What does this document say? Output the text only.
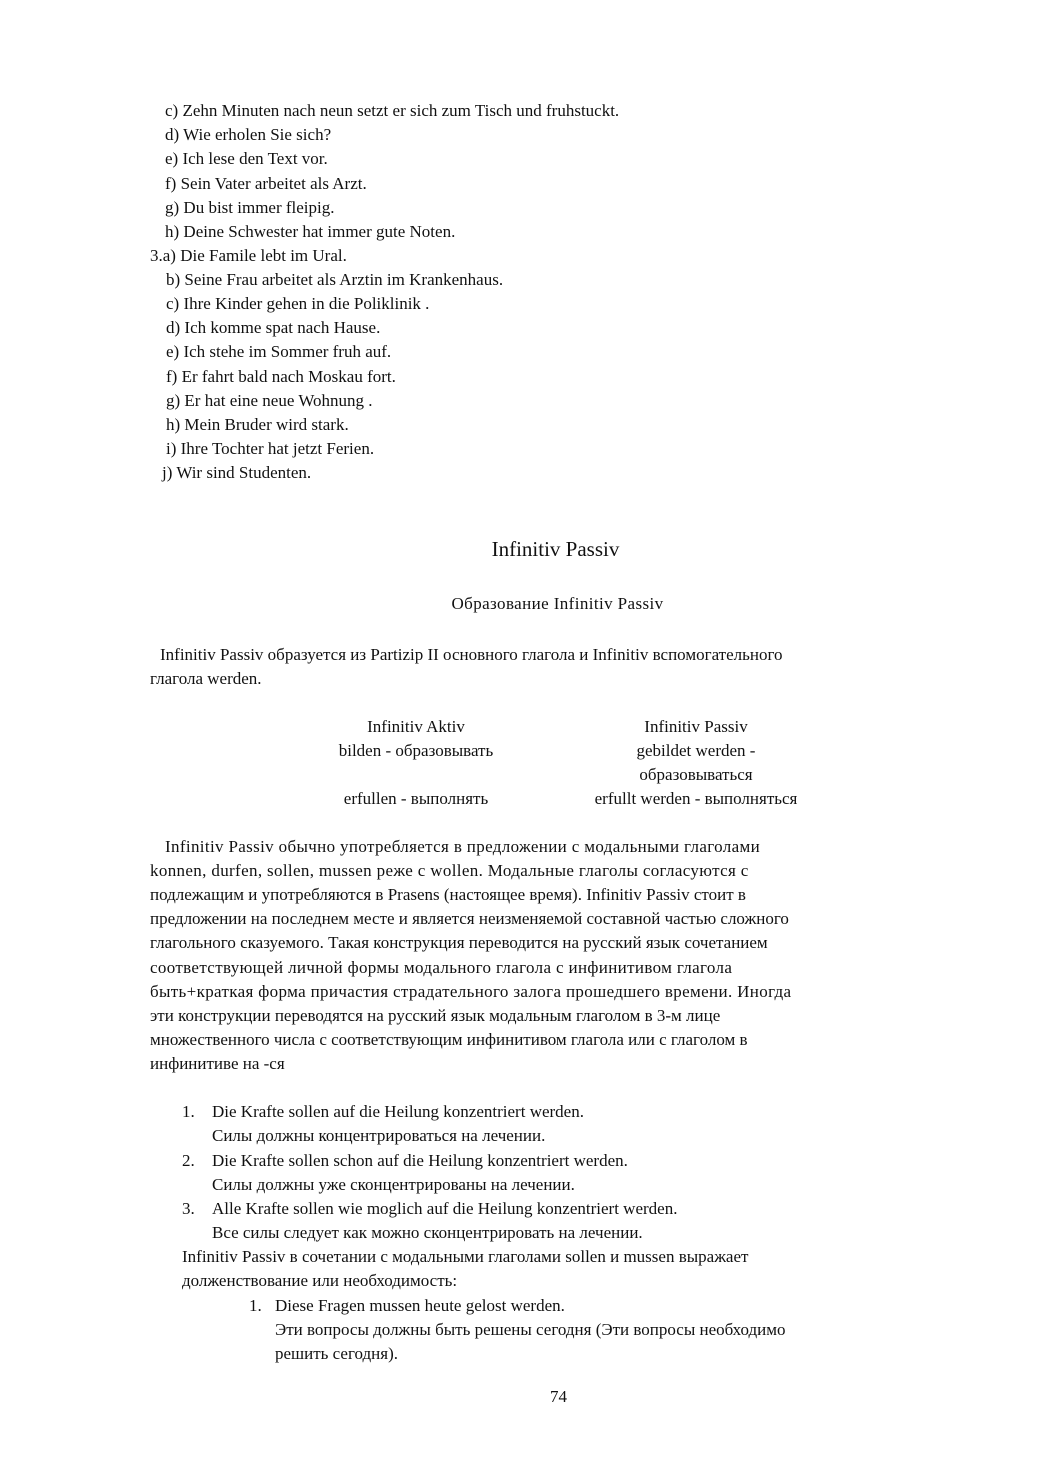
c) Zehn Minuten nach neun setzt er sich zum Tisch und fruhstuckt.
d) Wie erholen Sie sich?
e) Ich lese den Text vor.
f) Sein Vater arbeitet als Arzt.
g) Du bist immer fleipig.
h) Deine Schwester hat immer gute Noten.
3.a) Die Famile lebt im Ural.
b) Seine Frau arbeitet als Arztin im Krankenhaus.
c) Ihre Kinder gehen in die Poliklinik .
d) Ich komme spat nach Hause.
e) Ich stehe im Sommer fruh auf.
f) Er fahrt bald nach Moskau fort.
g) Er hat eine neue Wohnung .
h) Mein Bruder wird stark.
i) Ihre Tochter hat jetzt Ferien.
j) Wir sind Studenten.
Infinitiv Passiv
Образование Infinitiv Passiv
Infinitiv Passiv образуется из Partizip II основного глагола и Infinitiv вспомогательного
глагола werden.
Infinitiv Aktiv	Infinitiv Passiv
bilden - образовывать	gebildet werden -
образовываться
erfullen - выполнять	erfullt werden - выполняться
Infinitiv Passiv обычно употребляется в предложении с модальными глаголами
konnen, durfen, sollen, mussen реже с wollen. Модальные глаголы согласуются с
подлежащим и употребляются в Prasens (настоящее время). Infinitiv Passiv стоит в
предложении на последнем месте и является неизменяемой составной частью сложного
глагольного сказуемого. Такая конструкция переводится на русский язык сочетанием
соответствующей личной формы модального глагола с инфинитивом глагола
быть+краткая форма причастия страдательного залога прошедшего времени. Иногда
эти конструкции переводятся на русский язык модальным глаголом в 3-м лице
множественного числа с соответствующим инфинитивом глагола или с глаголом в
инфинитиве на -ся
1. Die Krafte sollen auf die Heilung konzentriert werden.
Силы должны концентрироваться на лечении.
2. Die Krafte sollen schon auf die Heilung konzentriert werden.
Силы должны уже сконцентрированы на лечении.
3. Alle Krafte sollen wie moglich auf die Heilung konzentriert werden.
Все силы следует как можно сконцентрировать на лечении.
Infinitiv Passiv в сочетании с модальными глаголами sollen и mussen выражает
долженствование или необходимость:
1. Diese Fragen mussen heute gelost werden.
Эти вопросы должны быть решены сегодня (Эти вопросы необходимо
решить сегодня).
74
